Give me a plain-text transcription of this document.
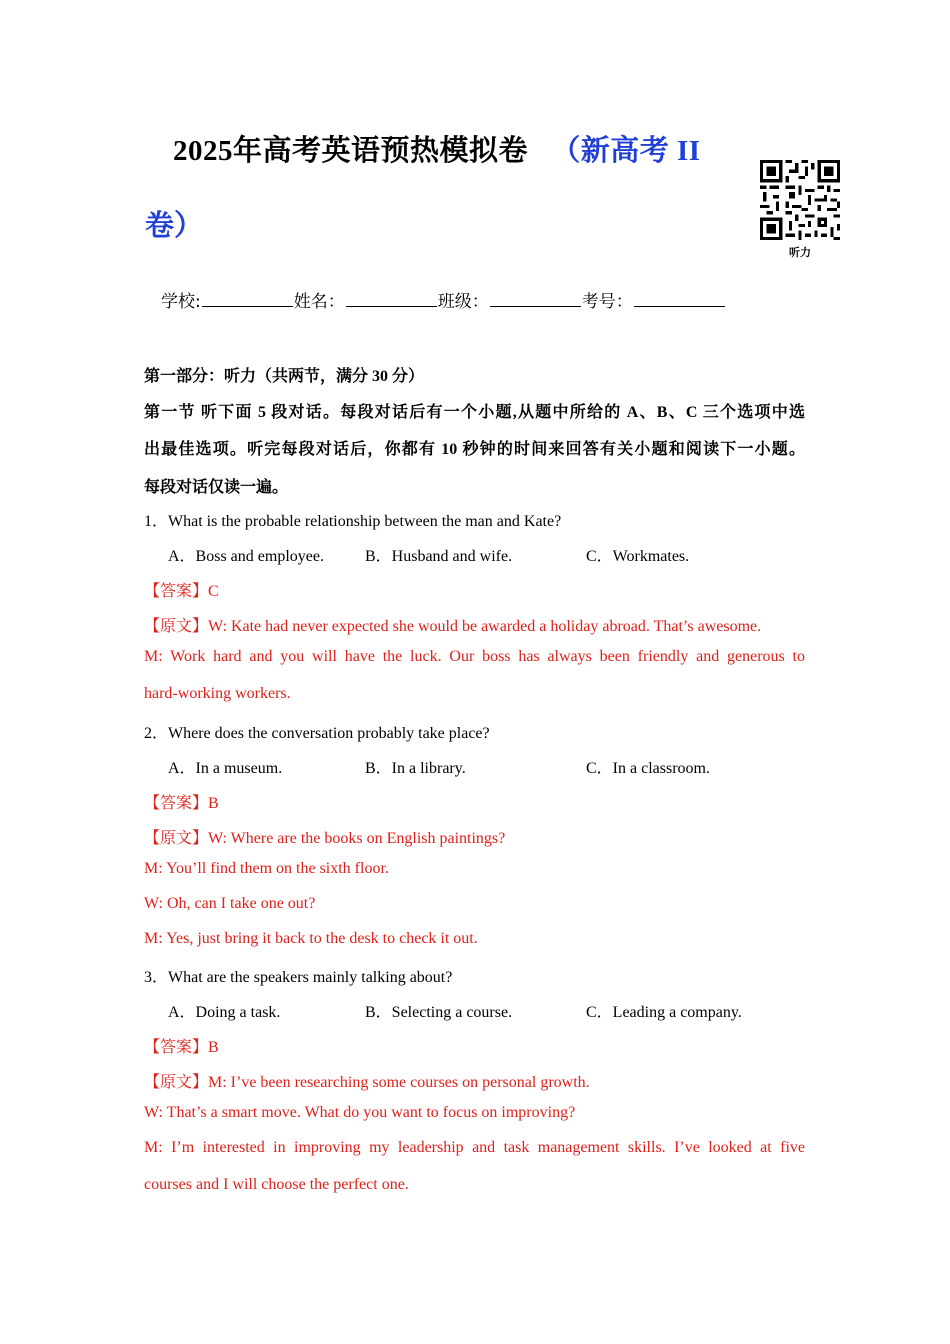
2025年高考英语预热模拟卷 （新高考 II
卷）
听力
学校:	姓名：	班级：	考号：
第一部分：听力（共两节，满分 30 分）
第一节 听下面 5 段对话。每段对话后有一个小题,从题中所给的 A、B、C 三个选项中选
出最佳选项。听完每段对话后，你都有 10 秒钟的时间来回答有关小题和阅读下一小题。
每段对话仅读一遍。
1．What is the probable relationship between the man and Kate?
A．Boss and employee.	B．Husband and wife.	C．Workmates.
【答案】C
【原文】W: Kate had never expected she would be awarded a holiday abroad. That’s awesome.
M: Work hard and you will have the luck. Our boss has always been friendly and generous to
hard-working workers.
2．Where does the conversation probably take place?
A．In a museum.	B．In a library.	C．In a classroom.
【答案】B
【原文】W: Where are the books on English paintings?
M: You’ll find them on the sixth floor.
W: Oh, can I take one out?
M: Yes, just bring it back to the desk to check it out.
3．What are the speakers mainly talking about?
A．Doing a task.	B．Selecting a course.	C．Leading a company.
【答案】B
【原文】M: I’ve been researching some courses on personal growth.
W: That’s a smart move. What do you want to focus on improving?
M: I’m interested in improving my leadership and task management skills. I’ve looked at five
courses and I will choose the perfect one.
